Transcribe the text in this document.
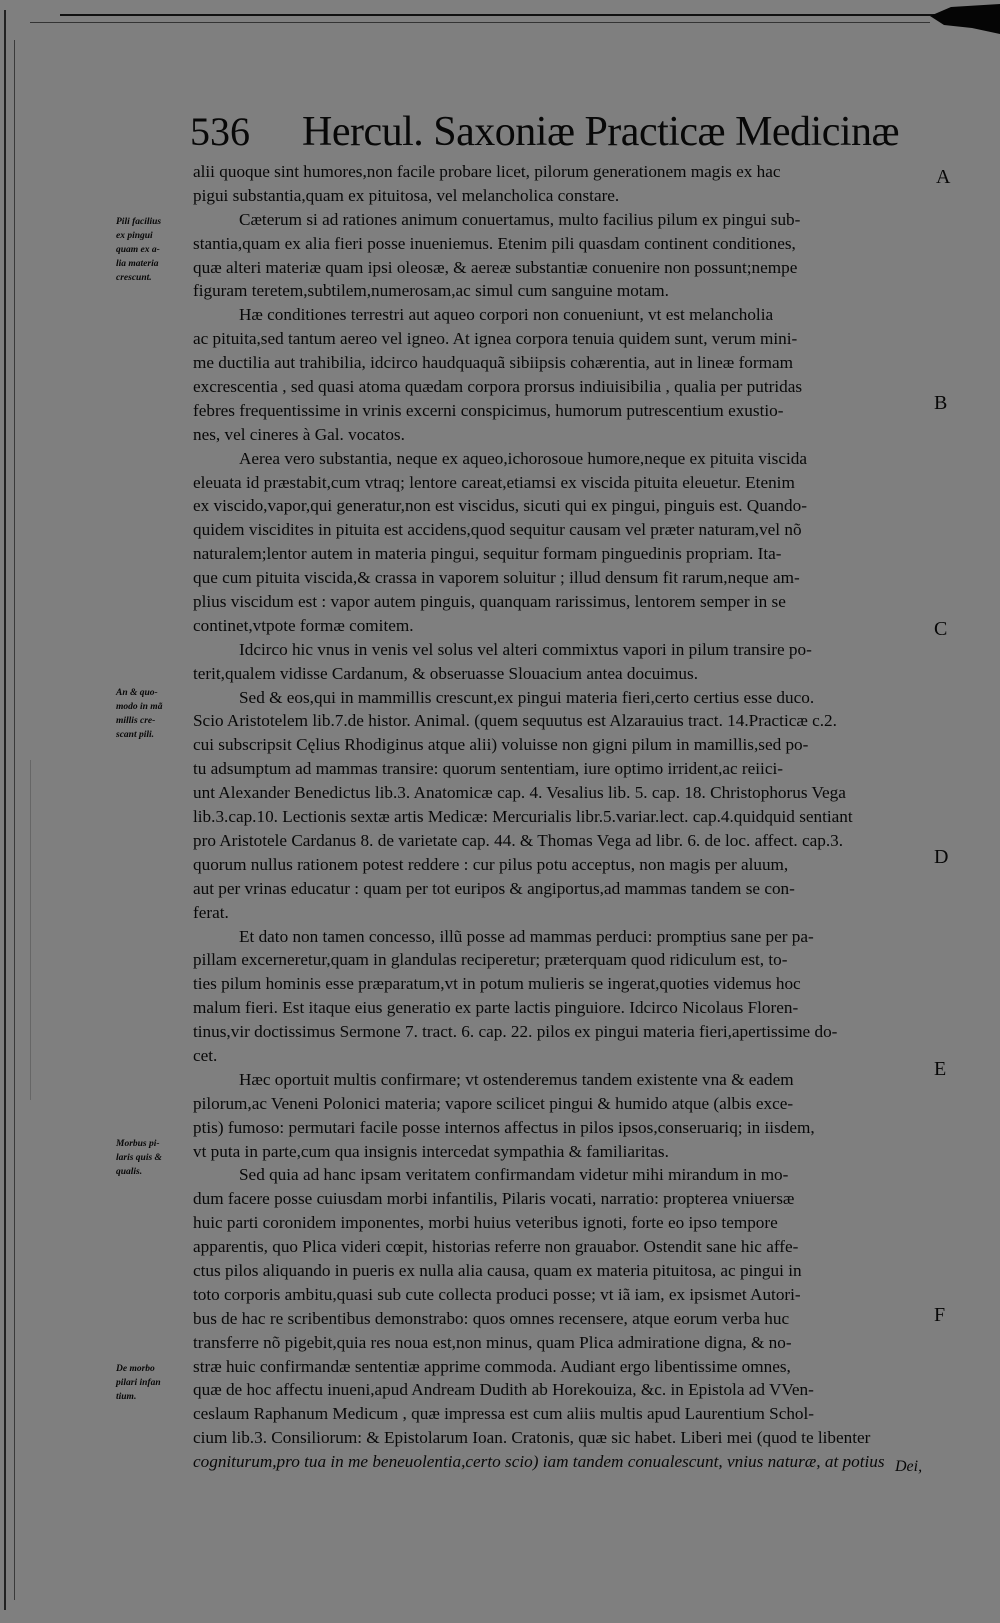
536 Hercul. Saxoniæ Practicæ Medicinæ
alii quoque sint humores,non facile probare licet, pilorum generationem magis ex hac
pigui substantia,quam ex pituitosa, vel melancholica constare.
Cæterum si ad rationes animum conuertamus, multo facilius pilum ex pingui sub-
stantia,quam ex alia fieri posse inueniemus. Etenim pili quasdam continent conditiones,
quæ alteri materiæ quam ipsi oleosæ, & aereæ substantiæ conuenire non possunt;nempe
figuram teretem,subtilem,numerosam,ac simul cum sanguine motam.
Hæ conditiones terrestri aut aqueo corpori non conueniunt, vt est melancholia
ac pituita,sed tantum aereo vel igneo. At ignea corpora tenuia quidem sunt, verum mini-
me ductilia aut trahibilia, idcirco haudquaquã sibiipsis cohærentia, aut in lineæ formam
excrescentia , sed quasi atoma quædam corpora prorsus indiuisibilia , qualia per putridas
febres frequentissime in vrinis excerni conspicimus, humorum putrescentium exustio-
nes, vel cineres à Gal. vocatos.
Aerea vero substantia, neque ex aqueo,ichorosoue humore,neque ex pituita viscida
eleuata id præstabit,cum vtraq; lentore careat,etiamsi ex viscida pituita eleuetur. Etenim
ex viscido,vapor,qui generatur,non est viscidus, sicuti qui ex pingui, pinguis est. Quando-
quidem viscidites in pituita est accidens,quod sequitur causam vel præter naturam,vel nõ
naturalem;lentor autem in materia pingui, sequitur formam pinguedinis propriam. Ita-
que cum pituita viscida,& crassa in vaporem soluitur ; illud densum fit rarum,neque am-
plius viscidum est : vapor autem pinguis, quanquam rarissimus, lentorem semper in se
continet,vtpote formæ comitem.
Idcirco hic vnus in venis vel solus vel alteri commixtus vapori in pilum transire po-
terit,qualem vidisse Cardanum, & obseruasse Slouacium antea docuimus.
Sed & eos,qui in mammillis crescunt,ex pingui materia fieri,certo certius esse duco.
Scio Aristotelem lib.7.de histor. Animal. (quem sequutus est Alzarauius tract. 14.Practicæ c.2.
cui subscripsit Cęlius Rhodiginus atque alii) voluisse non gigni pilum in mamillis,sed po-
tu adsumptum ad mammas transire: quorum sententiam, iure optimo irrident,ac reiici-
unt Alexander Benedictus lib.3. Anatomicæ cap. 4. Vesalius lib. 5. cap. 18. Christophorus Vega
lib.3.cap.10. Lectionis sextæ artis Medicæ: Mercurialis libr.5.variar.lect. cap.4.quidquid sentiant
pro Aristotele Cardanus 8. de varietate cap. 44. & Thomas Vega ad libr. 6. de loc. affect. cap.3.
quorum nullus rationem potest reddere : cur pilus potu acceptus, non magis per aluum,
aut per vrinas educatur : quam per tot euripos & angiportus,ad mammas tandem se con-
ferat.
Et dato non tamen concesso, illũ posse ad mammas perduci: promptius sane per pa-
pillam excerneretur,quam in glandulas reciperetur; præterquam quod ridiculum est, to-
ties pilum hominis esse præparatum,vt in potum mulieris se ingerat,quoties videmus hoc
malum fieri. Est itaque eius generatio ex parte lactis pinguiore. Idcirco Nicolaus Floren-
tinus,vir doctissimus Sermone 7. tract. 6. cap. 22. pilos ex pingui materia fieri,apertissime do-
cet.
Hæc oportuit multis confirmare; vt ostenderemus tandem existente vna & eadem
pilorum,ac Veneni Polonici materia; vapore scilicet pingui & humido atque (albis exce-
ptis) fumoso: permutari facile posse internos affectus in pilos ipsos,conseruariq; in iisdem,
vt puta in parte,cum qua insignis intercedat sympathia & familiaritas.
Sed quia ad hanc ipsam veritatem confirmandam videtur mihi mirandum in mo-
dum facere posse cuiusdam morbi infantilis, Pilaris vocati, narratio: propterea vniuersæ
huic parti coronidem imponentes, morbi huius veteribus ignoti, forte eo ipso tempore
apparentis, quo Plica videri cœpit, historias referre non grauabor. Ostendit sane hic affe-
ctus pilos aliquando in pueris ex nulla alia causa, quam ex materia pituitosa, ac pingui in
toto corporis ambitu,quasi sub cute collecta produci posse; vt iã iam, ex ipsismet Autori-
bus de hac re scribentibus demonstrabo: quos omnes recensere, atque eorum verba huc
transferre nõ pigebit,quia res noua est,non minus, quam Plica admiratione digna, & no-
stræ huic confirmandæ sententiæ apprime commoda. Audiant ergo libentissime omnes,
quæ de hoc affectu inueni,apud Andream Dudith ab Horekouiza, &c. in Epistola ad VVen-
ceslaum Raphanum Medicum , quæ impressa est cum aliis multis apud Laurentium Schol-
cium lib.3. Consiliorum: & Epistolarum Ioan. Cratonis, quæ sic habet. Liberi mei (quod te libenter
cogniturum,pro tua in me beneuolentia,certo scio) iam tandem conualescunt, vnius naturæ, at potius
Pili facilius
ex pingui
quam ex a-
lia materia
crescunt.
An & quo-
modo in mã
millis cre-
scant pili.
Morbus pi-
laris quis &
qualis.
De morbo
pilari infan
tium.
A
B
C
D
E
F
Dei,
